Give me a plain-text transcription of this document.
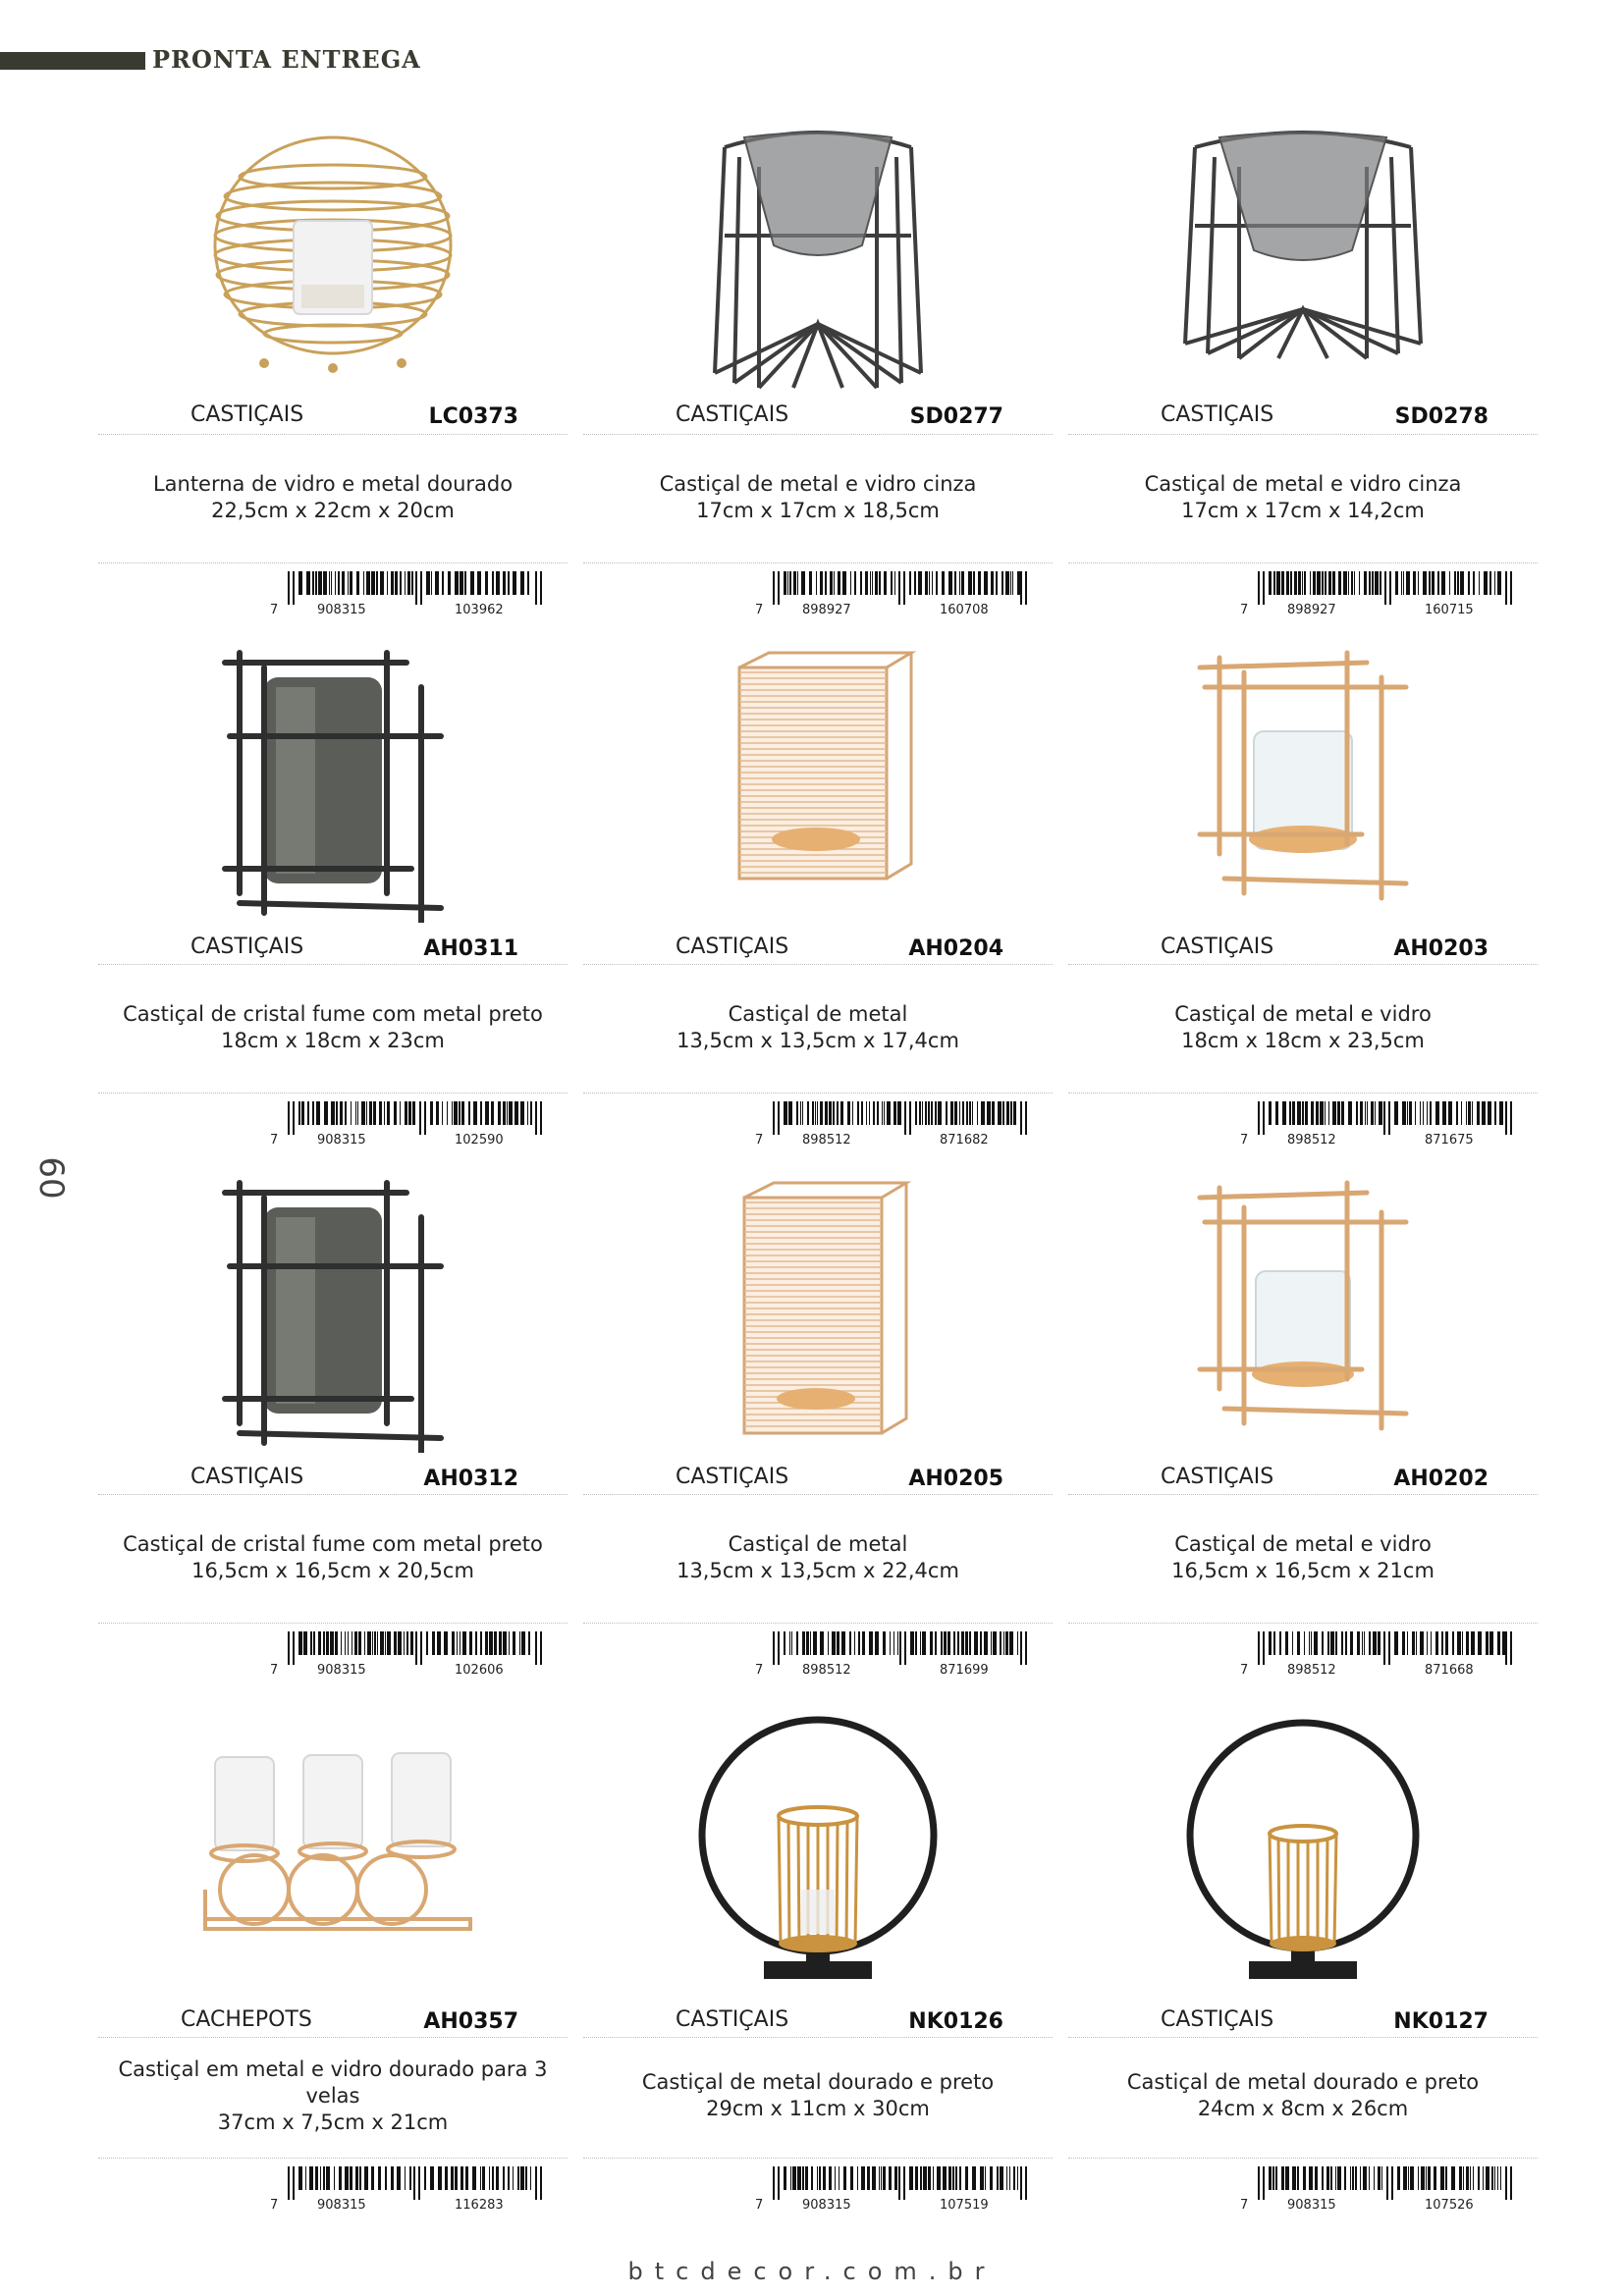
PRONTA ENTREGA
60
CASTIÇAIS	LC0373
Lanterna de vidro e metal dourado
22,5cm x 22cm x 20cm
7	908315	103962
CASTIÇAIS	SD0277
Castiçal de metal e vidro cinza
17cm x 17cm x 18,5cm
7	898927	160708
CASTIÇAIS	SD0278
Castiçal de metal e vidro cinza
17cm x 17cm x 14,2cm
7	898927	160715
CASTIÇAIS	AH0311
Castiçal de cristal fume com metal preto
18cm x 18cm x 23cm
7	908315	102590
CASTIÇAIS	AH0204
Castiçal de metal
13,5cm x 13,5cm x 17,4cm
7	898512	871682
CASTIÇAIS	AH0203
Castiçal de metal e vidro
18cm x 18cm x 23,5cm
7	898512	871675
CASTIÇAIS	AH0312
Castiçal de cristal fume com metal preto
16,5cm x 16,5cm x 20,5cm
7	908315	102606
CASTIÇAIS	AH0205
Castiçal de metal
13,5cm x 13,5cm x 22,4cm
7	898512	871699
CASTIÇAIS	AH0202
Castiçal de metal e vidro
16,5cm x 16,5cm x 21cm
7	898512	871668
CACHEPOTS	AH0357
Castiçal em metal e vidro dourado para 3 velas
37cm x 7,5cm x 21cm
7	908315	116283
CASTIÇAIS	NK0126
Castiçal de metal dourado e preto
29cm x 11cm x 30cm
7	908315	107519
CASTIÇAIS	NK0127
Castiçal de metal dourado e preto
24cm x 8cm x 26cm
7	908315	107526
btcdecor.com.br
